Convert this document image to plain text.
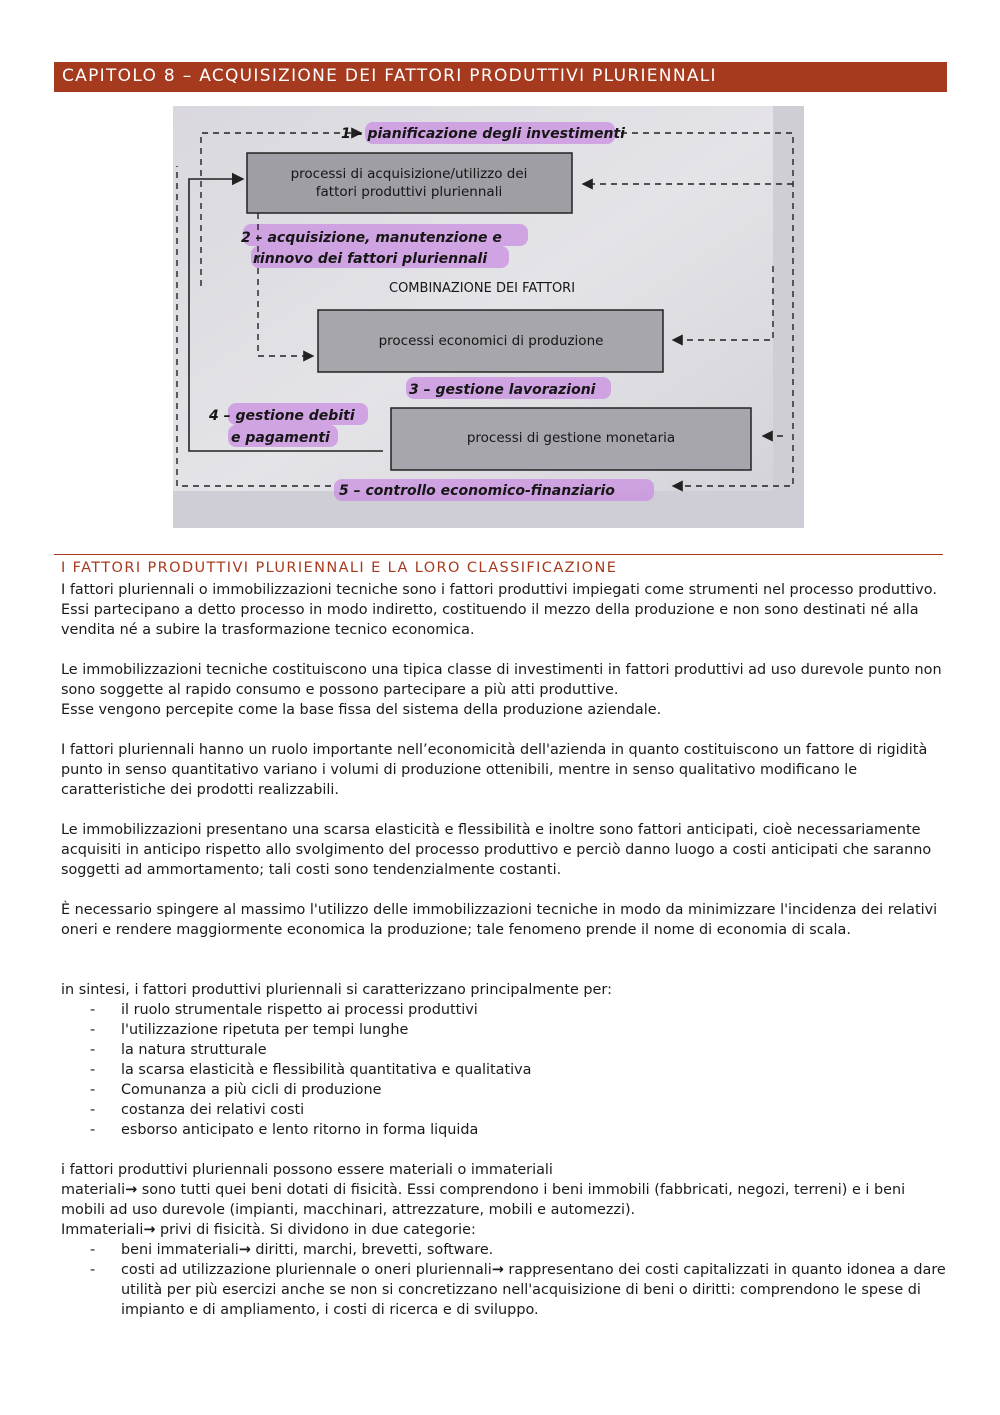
CAPITOLO 8 – ACQUISIZIONE DEI FATTORI PRODUTTIVI PLURIENNALI
1 – pianificazione degli investimenti
processi di acquisizione/utilizzo dei
fattori produttivi pluriennali
2 – acquisizione, manutenzione e
rinnovo dei fattori pluriennali
COMBINAZIONE DEI FATTORI
processi economici di produzione
3 – gestione lavorazioni
4 – gestione debiti
e pagamenti	processi di gestione monetaria
5 – controllo economico-finanziario
I FATTORI PRODUTTIVI PLURIENNALI E LA LORO CLASSIFICAZIONE

I fattori pluriennali o immobilizzazioni tecniche sono i fattori produttivi impiegati come strumenti nel processo produttivo. Essi partecipano a detto processo in modo indiretto, costituendo il mezzo della produzione e non sono destinati né alla vendita né a subire la trasformazione tecnico economica.

Le immobilizzazioni tecniche costituiscono una tipica classe di investimenti in fattori produttivi ad uso durevole punto non sono soggette al rapido consumo e possono partecipare a più atti produttive.

Esse vengono percepite come la base fissa del sistema della produzione aziendale.

I fattori pluriennali hanno un ruolo importante nell’economicità dell'azienda in quanto costituiscono un fattore di rigidità punto in senso quantitativo variano i volumi di produzione ottenibili, mentre in senso qualitativo modificano le caratteristiche dei prodotti realizzabili.

Le immobilizzazioni presentano una scarsa elasticità e flessibilità e inoltre sono fattori anticipati, cioè necessariamente acquisiti in anticipo rispetto allo svolgimento del processo produttivo e perciò danno luogo a costi anticipati che saranno soggetti ad ammortamento; tali costi sono tendenzialmente costanti.

È necessario spingere al massimo l'utilizzo delle immobilizzazioni tecniche in modo da minimizzare l'incidenza dei relativi oneri e rendere maggiormente economica la produzione; tale fenomeno prende il nome di economia di scala.

in sintesi, i fattori produttivi pluriennali si caratterizzano principalmente per:

- il ruolo strumentale rispetto ai processi produttivi
- l'utilizzazione ripetuta per tempi lunghe
- la natura strutturale
- la scarsa elasticità e flessibilità quantitativa e qualitativa
- Comunanza a più cicli di produzione
- costanza dei relativi costi
- esborso anticipato e lento ritorno in forma liquida

i fattori produttivi pluriennali possono essere materiali o immateriali

materiali→ sono tutti quei beni dotati di fisicità. Essi comprendono i beni immobili (fabbricati, negozi, terreni) e i beni mobili ad uso durevole (impianti, macchinari, attrezzature, mobili e automezzi).

Immateriali→ privi di fisicità. Si dividono in due categorie:

- beni immateriali→ diritti, marchi, brevetti, software.
- costi ad utilizzazione pluriennale o oneri pluriennali→ rappresentano dei costi capitalizzati in quanto idonea a dare utilità per più esercizi anche se non si concretizzano nell'acquisizione di beni o diritti: comprendono le spese di impianto e di ampliamento, i costi di ricerca e di sviluppo.
